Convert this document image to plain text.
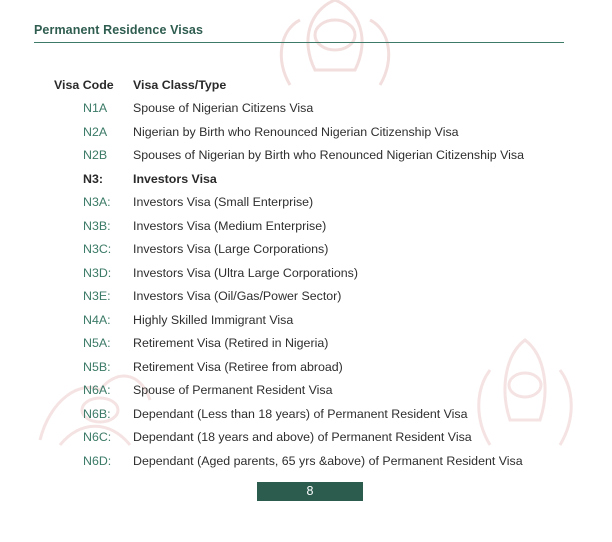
Permanent Residence Visas
Visa Code	Visa Class/Type
N1A	Spouse of Nigerian Citizens Visa
N2A	Nigerian by Birth who Renounced Nigerian Citizenship Visa
N2B	Spouses of Nigerian by Birth who Renounced Nigerian Citizenship Visa
N3:	Investors Visa
N3A:	Investors Visa (Small Enterprise)
N3B:	Investors Visa (Medium Enterprise)
N3C:	Investors Visa (Large Corporations)
N3D:	Investors Visa (Ultra Large Corporations)
N3E:	Investors Visa (Oil/Gas/Power Sector)
N4A:	Highly Skilled Immigrant Visa
N5A:	Retirement Visa (Retired in Nigeria)
N5B:	Retirement Visa (Retiree from abroad)
N6A:	Spouse of Permanent Resident Visa
N6B:	Dependant (Less than 18 years) of Permanent Resident Visa
N6C:	Dependant (18 years and above) of Permanent Resident Visa
N6D:	Dependant (Aged parents, 65 yrs &above) of Permanent Resident Visa
8
